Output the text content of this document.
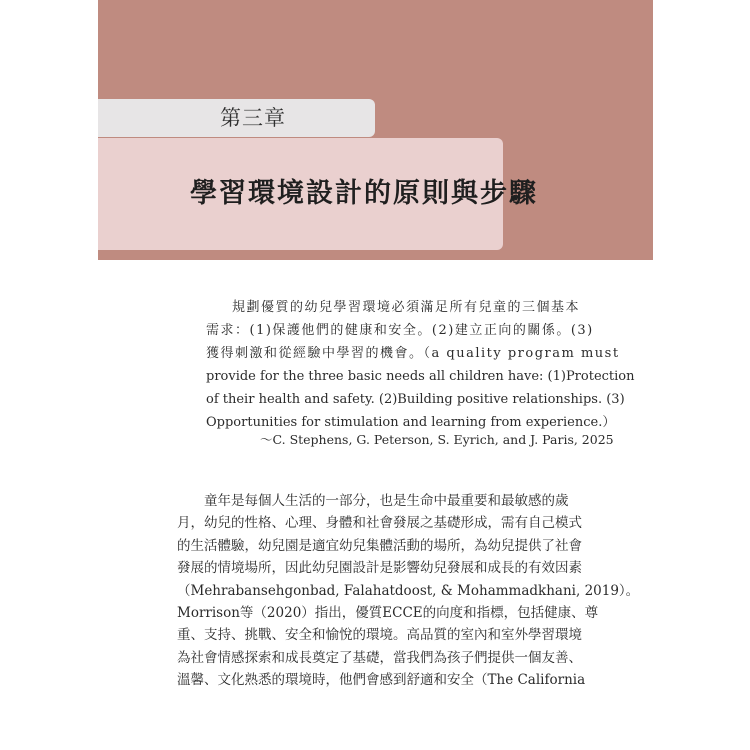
第三章
學習環境設計的原則與步驟
規劃優質的幼兒學習環境必須滿足所有兒童的三個基本
需求：(1)保護他們的健康和安全。(2)建立正向的關係。(3)
獲得刺激和從經驗中學習的機會。（a quality program must
provide for the three basic needs all children have: (1)Protection
of their health and safety. (2)Building positive relationships. (3)
Opportunities for stimulation and learning from experience.）
～C. Stephens, G. Peterson, S. Eyrich, and J. Paris, 2025
童年是每個人生活的一部分，也是生命中最重要和最敏感的歲
月，幼兒的性格、心理、身體和社會發展之基礎形成，需有自己模式
的生活體驗，幼兒園是適宜幼兒集體活動的場所，為幼兒提供了社會
發展的情境場所，因此幼兒園設計是影響幼兒發展和成長的有效因素
（Mehrabansehgonbad, Falahatdoost, & Mohammadkhani, 2019）。
Morrison等（2020）指出，優質ECCE的向度和指標，包括健康、尊
重、支持、挑戰、安全和愉悅的環境。高品質的室內和室外學習環境
為社會情感探索和成長奠定了基礎，當我們為孩子們提供一個友善、
溫馨、文化熟悉的環境時，他們會感到舒適和安全（The California
